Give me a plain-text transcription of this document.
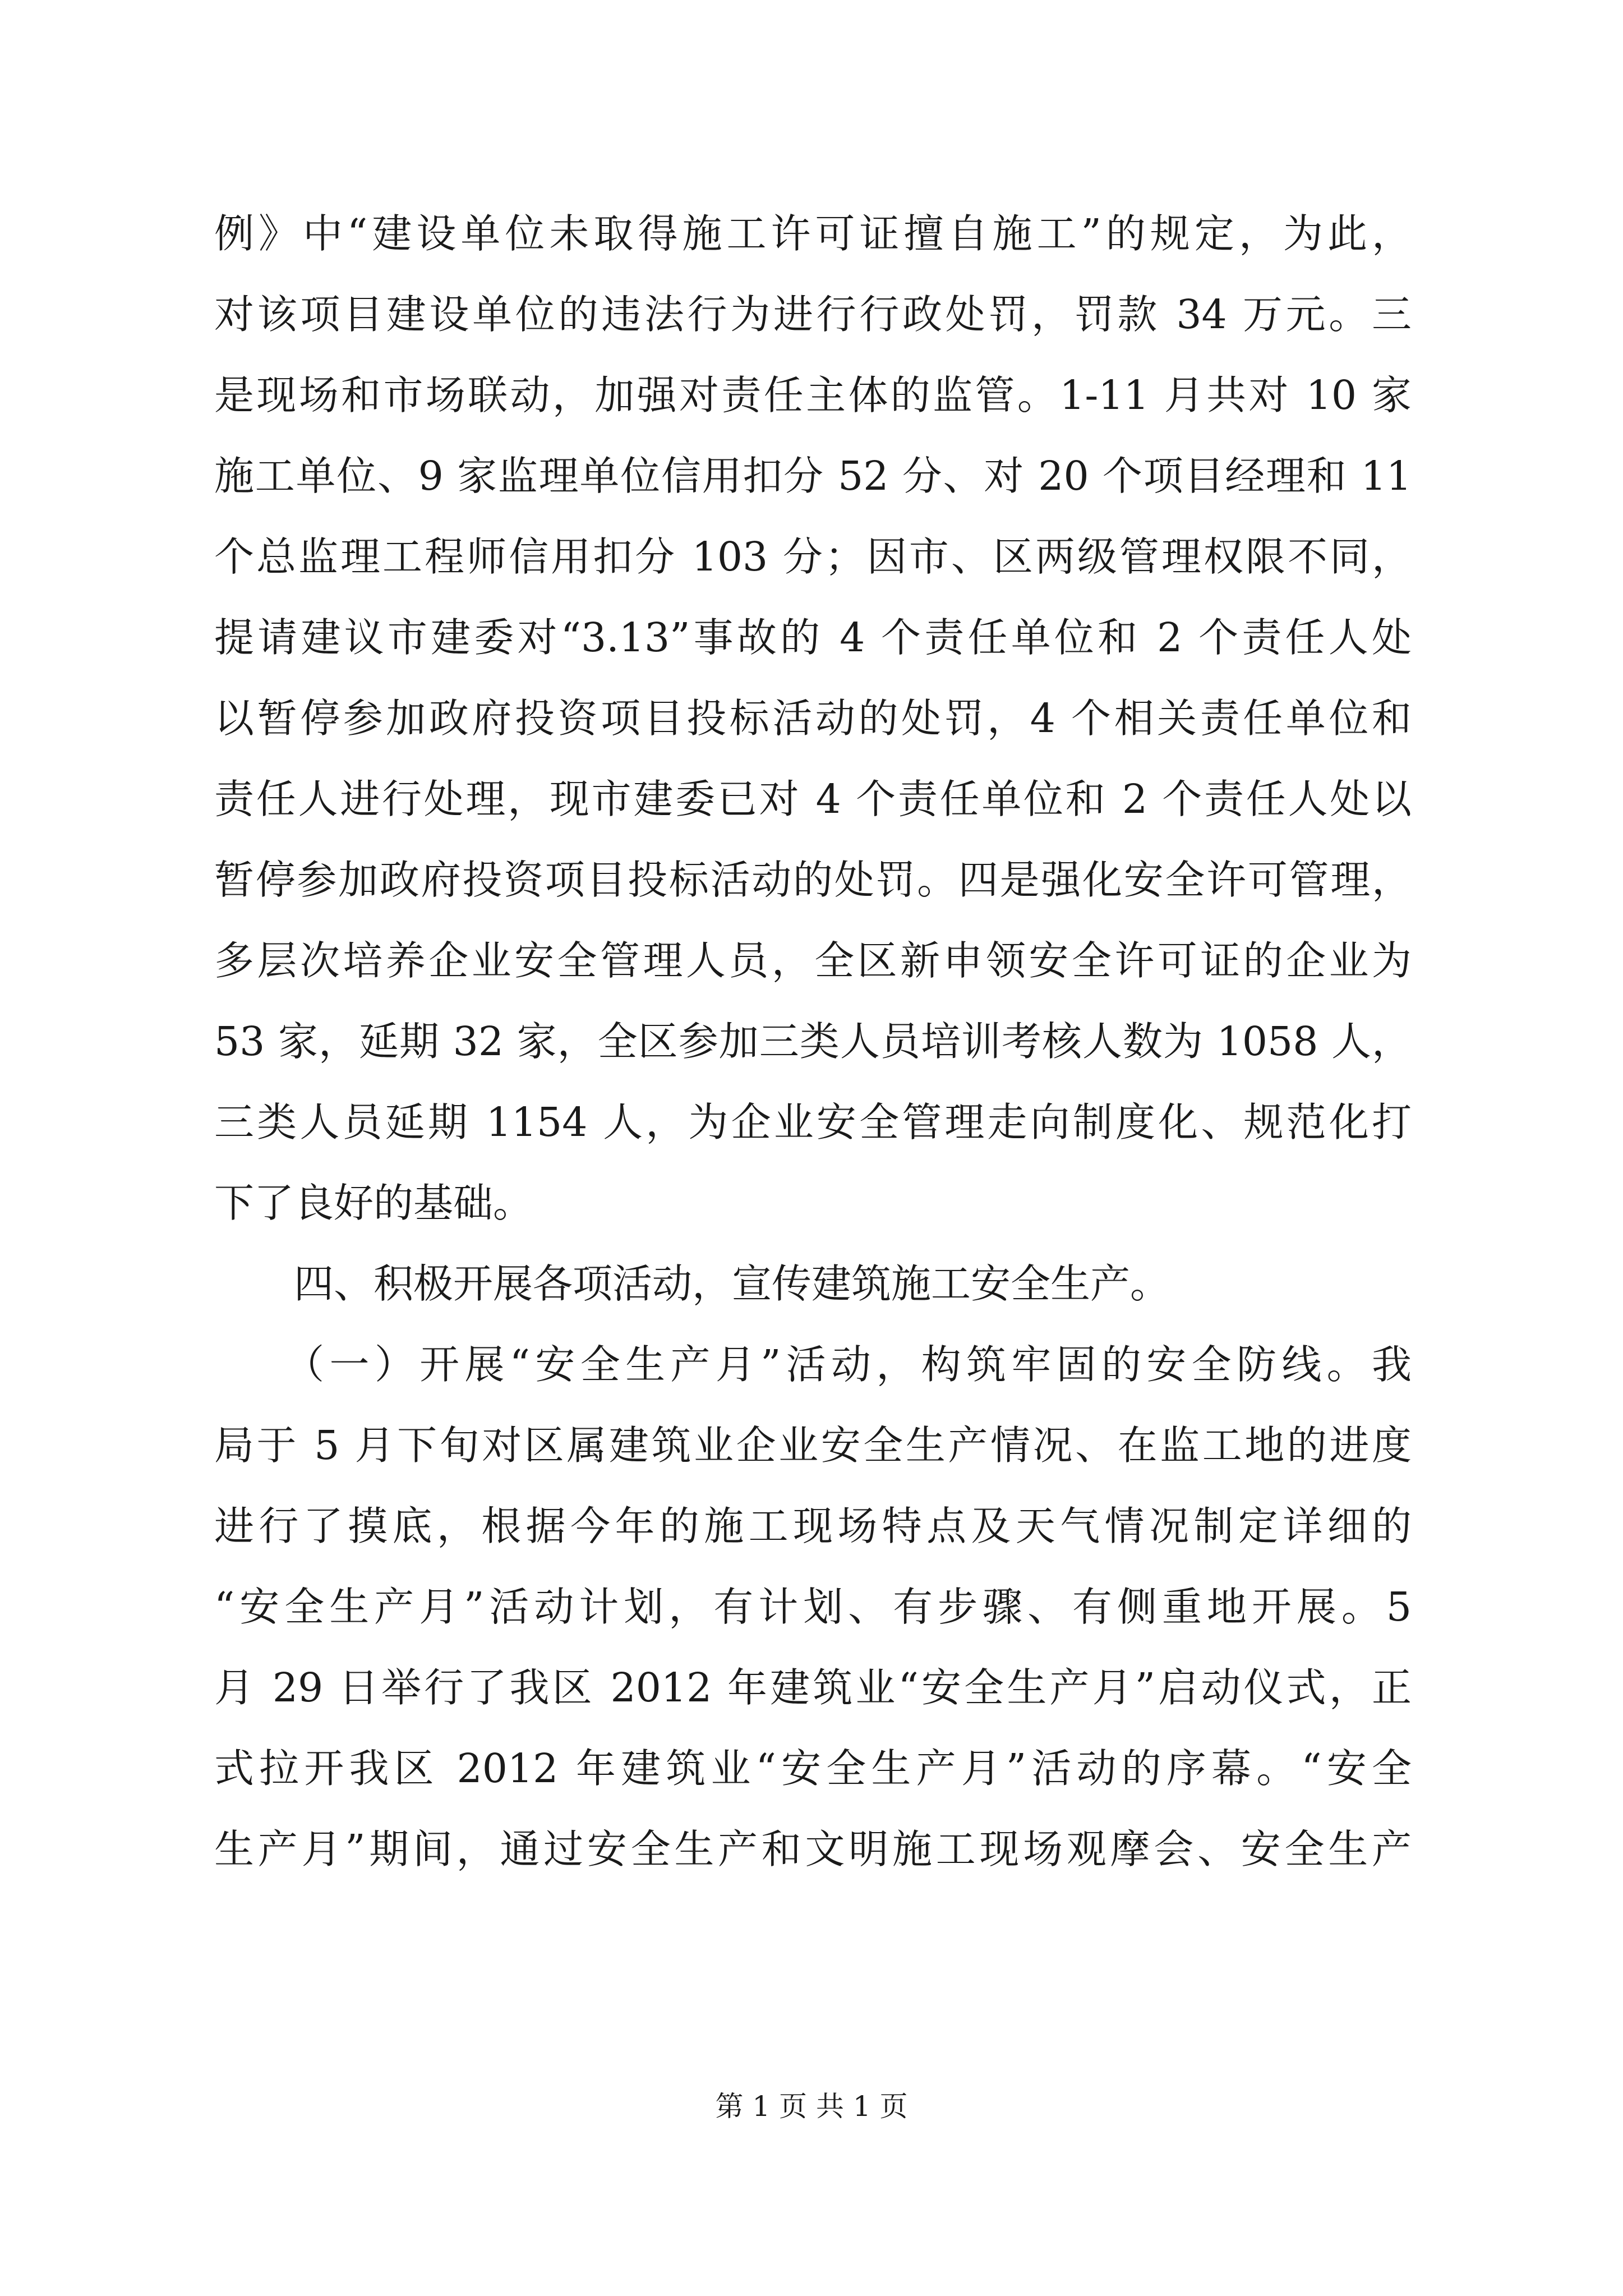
例》中“建设单位未取得施工许可证擅自施工”的规定，为此，
对该项目建设单位的违法行为进行行政处罚，罚款 34 万元。三
是现场和市场联动，加强对责任主体的监管。1-11 月共对 10 家
施工单位、9 家监理单位信用扣分 52 分、对 20 个项目经理和 11
个总监理工程师信用扣分 103 分；因市、区两级管理权限不同，
提请建议市建委对“3.13”事故的 4 个责任单位和 2 个责任人处
以暂停参加政府投资项目投标活动的处罚，4 个相关责任单位和
责任人进行处理，现市建委已对 4 个责任单位和 2 个责任人处以
暂停参加政府投资项目投标活动的处罚。四是强化安全许可管理，
多层次培养企业安全管理人员，全区新申领安全许可证的企业为
53 家，延期 32 家，全区参加三类人员培训考核人数为 1058 人，
三类人员延期 1154 人，为企业安全管理走向制度化、规范化打
下了良好的基础。
　　四、积极开展各项活动，宣传建筑施工安全生产。
　　（一）开展“安全生产月”活动，构筑牢固的安全防线。我
局于 5 月下旬对区属建筑业企业安全生产情况、在监工地的进度
进行了摸底，根据今年的施工现场特点及天气情况制定详细的
“安全生产月”活动计划，有计划、有步骤、有侧重地开展。5
月 29 日举行了我区 2012 年建筑业“安全生产月”启动仪式，正
式拉开我区 2012 年建筑业“安全生产月”活动的序幕。“安全
生产月”期间，通过安全生产和文明施工现场观摩会、安全生产
第 1 页 共 1 页
